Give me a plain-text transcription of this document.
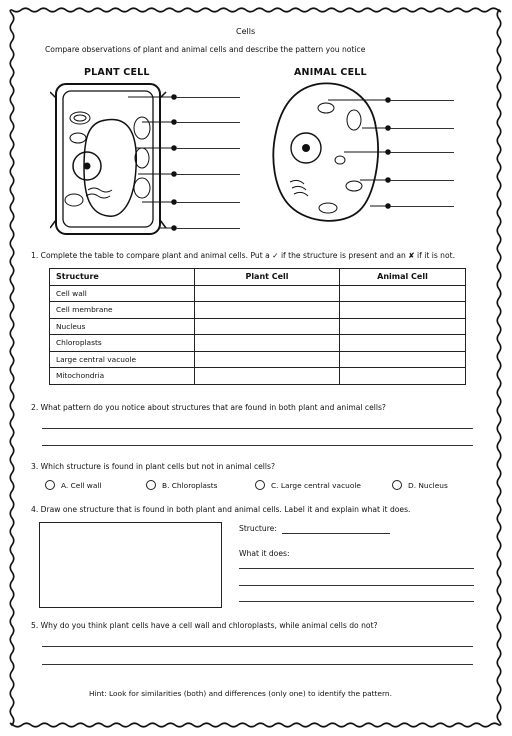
Cells
Compare observations of plant and animal cells and describe the pattern you notice
PLANT CELL	ANIMAL CELL
1. Complete the table to compare plant and animal cells. Put a ✓ if the structure is present and an ✘ if it is not.
Structure	Plant Cell	Animal Cell
Cell wall		
Cell membrane		
Nucleus		
Chloroplasts		
Large central vacuole		
Mitochondria		
2. What pattern do you notice about structures that are found in both plant and animal cells?
3. Which structure is found in plant cells but not in animal cells?
A. Cell wall	B. Chloroplasts	C. Large central vacuole	D. Nucleus
4. Draw one structure that is found in both plant and animal cells. Label it and explain what it does.
Structure:
What it does:
5. Why do you think plant cells have a cell wall and chloroplasts, while animal cells do not?
Hint: Look for similarities (both) and differences (only one) to identify the pattern.
